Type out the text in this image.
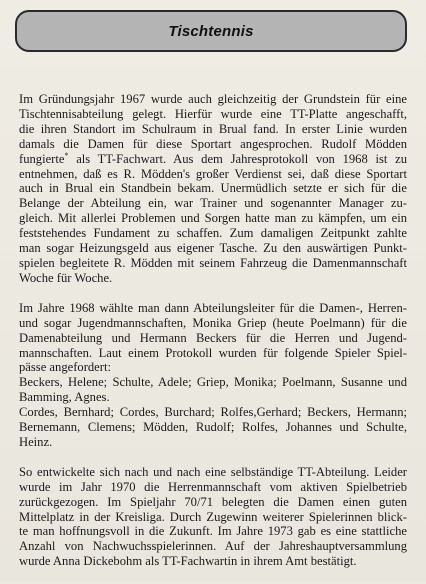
Tischtennis
Im Gründungsjahr 1967 wurde auch gleichzeitig der Grundstein für eine
Tischtennisabteilung gelegt. Hierfür wurde eine TT-Platte angeschafft,
die ihren Standort im Schulraum in Brual fand. In erster Linie wurden
damals die Damen für diese Sportart angesprochen. Rudolf Mödden
fungierte* als TT-Fachwart. Aus dem Jahresprotokoll von 1968 ist zu
entnehmen, daß es R. Mödden's großer Verdienst sei, daß diese Sportart
auch in Brual ein Standbein bekam. Unermüdlich setzte er sich für die
Belange der Abteilung ein, war Trainer und sogenannter Manager zu-
gleich. Mit allerlei Problemen und Sorgen hatte man zu kämpfen, um ein
feststehendes Fundament zu schaffen. Zum damaligen Zeitpunkt zahlte
man sogar Heizungsgeld aus eigener Tasche. Zu den auswärtigen Punkt-
spielen begleitete R. Mödden mit seinem Fahrzeug die Damenmannschaft
Woche für Woche.
Im Jahre 1968 wählte man dann Abteilungsleiter für die Damen-, Herren-
und sogar Jugendmannschaften, Monika Griep (heute Poelmann) für die
Damenabteilung und Hermann Beckers für die Herren und Jugend-
mannschaften. Laut einem Protokoll wurden für folgende Spieler Spiel-
pässe angefordert:
Beckers, Helene; Schulte, Adele; Griep, Monika; Poelmann, Susanne und
Bamming, Agnes.
Cordes, Bernhard; Cordes, Burchard; Rolfes,Gerhard; Beckers, Hermann;
Bernemann, Clemens; Mödden, Rudolf; Rolfes, Johannes und Schulte,
Heinz.
So entwickelte sich nach und nach eine selbständige TT-Abteilung. Leider
wurde im Jahr 1970 die Herrenmannschaft vom aktiven Spielbetrieb
zurückgezogen. Im Spieljahr 70/71 belegten die Damen einen guten
Mittelplatz in der Kreisliga. Durch Zugewinn weiterer Spielerinnen blick-
te man hoffnungsvoll in die Zukunft. Im Jahre 1973 gab es eine stattliche
Anzahl von Nachwuchsspielerinnen. Auf der Jahreshauptversammlung
wurde Anna Dickebohm als TT-Fachwartin in ihrem Amt bestätigt.
